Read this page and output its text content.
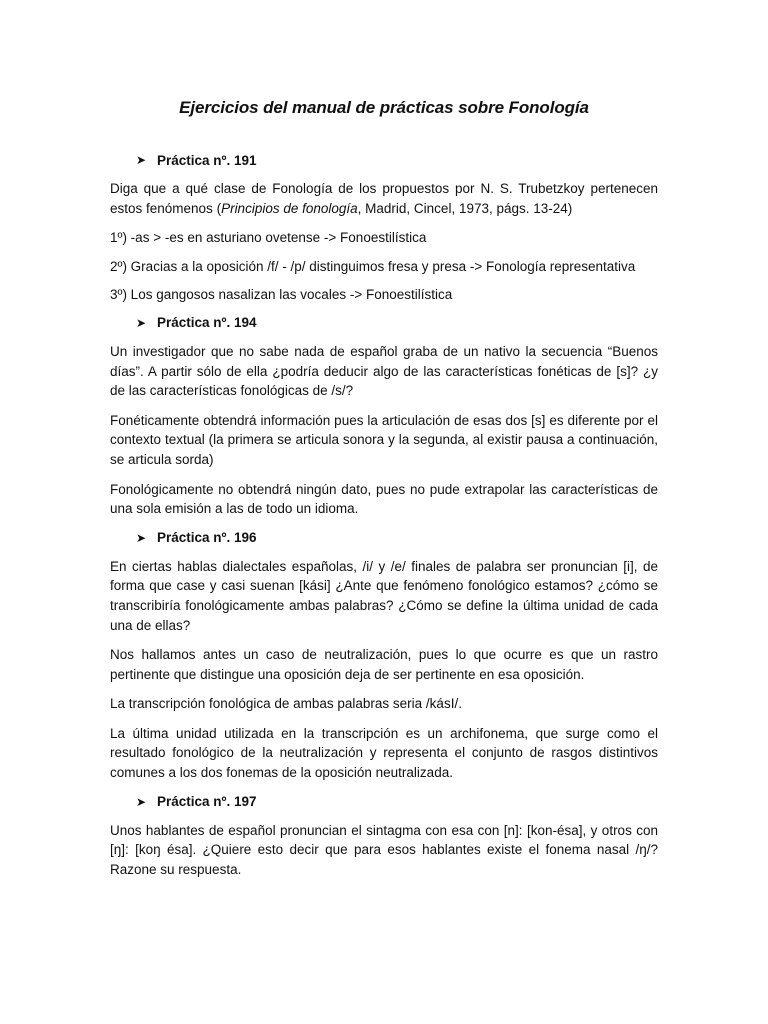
Ejercicios del manual de prácticas sobre Fonología
➤ Práctica nº. 191

Diga que a qué clase de Fonología de los propuestos por N. S. Trubetzkoy pertenecen estos fenómenos (Principios de fonología, Madrid, Cincel, 1973, págs. 13-24)

1º) -as > -es en asturiano ovetense -> Fonoestilística

2º) Gracias a la oposición /f/ - /p/ distinguimos fresa y presa -> Fonología representativa

3º) Los gangosos nasalizan las vocales -> Fonoestilística

➤ Práctica nº. 194

Un investigador que no sabe nada de español graba de un nativo la secuencia “Buenos días”. A partir sólo de ella ¿podría deducir algo de las características fonéticas de [s]? ¿y de las características fonológicas de /s/?

Fonéticamente obtendrá información pues la articulación de esas dos [s] es diferente por el contexto textual (la primera se articula sonora y la segunda, al existir pausa a continuación, se articula sorda)

Fonológicamente no obtendrá ningún dato, pues no pude extrapolar las características de una sola emisión a las de todo un idioma.

➤ Práctica nº. 196

En ciertas hablas dialectales españolas, /i/ y /e/ finales de palabra ser pronuncian [i], de forma que case y casi suenan [kási] ¿Ante que fenómeno fonológico estamos? ¿cómo se transcribiría fonológicamente ambas palabras? ¿Cómo se define la última unidad de cada una de ellas?

Nos hallamos antes un caso de neutralización, pues lo que ocurre es que un rastro pertinente que distingue una oposición deja de ser pertinente en esa oposición.

La transcripción fonológica de ambas palabras seria /kásI/.

La última unidad utilizada en la transcripción es un archifonema, que surge como el resultado fonológico de la neutralización y representa el conjunto de rasgos distintivos comunes a los dos fonemas de la oposición neutralizada.

➤ Práctica nº. 197

Unos hablantes de español pronuncian el sintagma con esa con [n]: [kon-ésa], y otros con [ŋ]: [koŋ ésa]. ¿Quiere esto decir que para esos hablantes existe el fonema nasal /ŋ/? Razone su respuesta.
